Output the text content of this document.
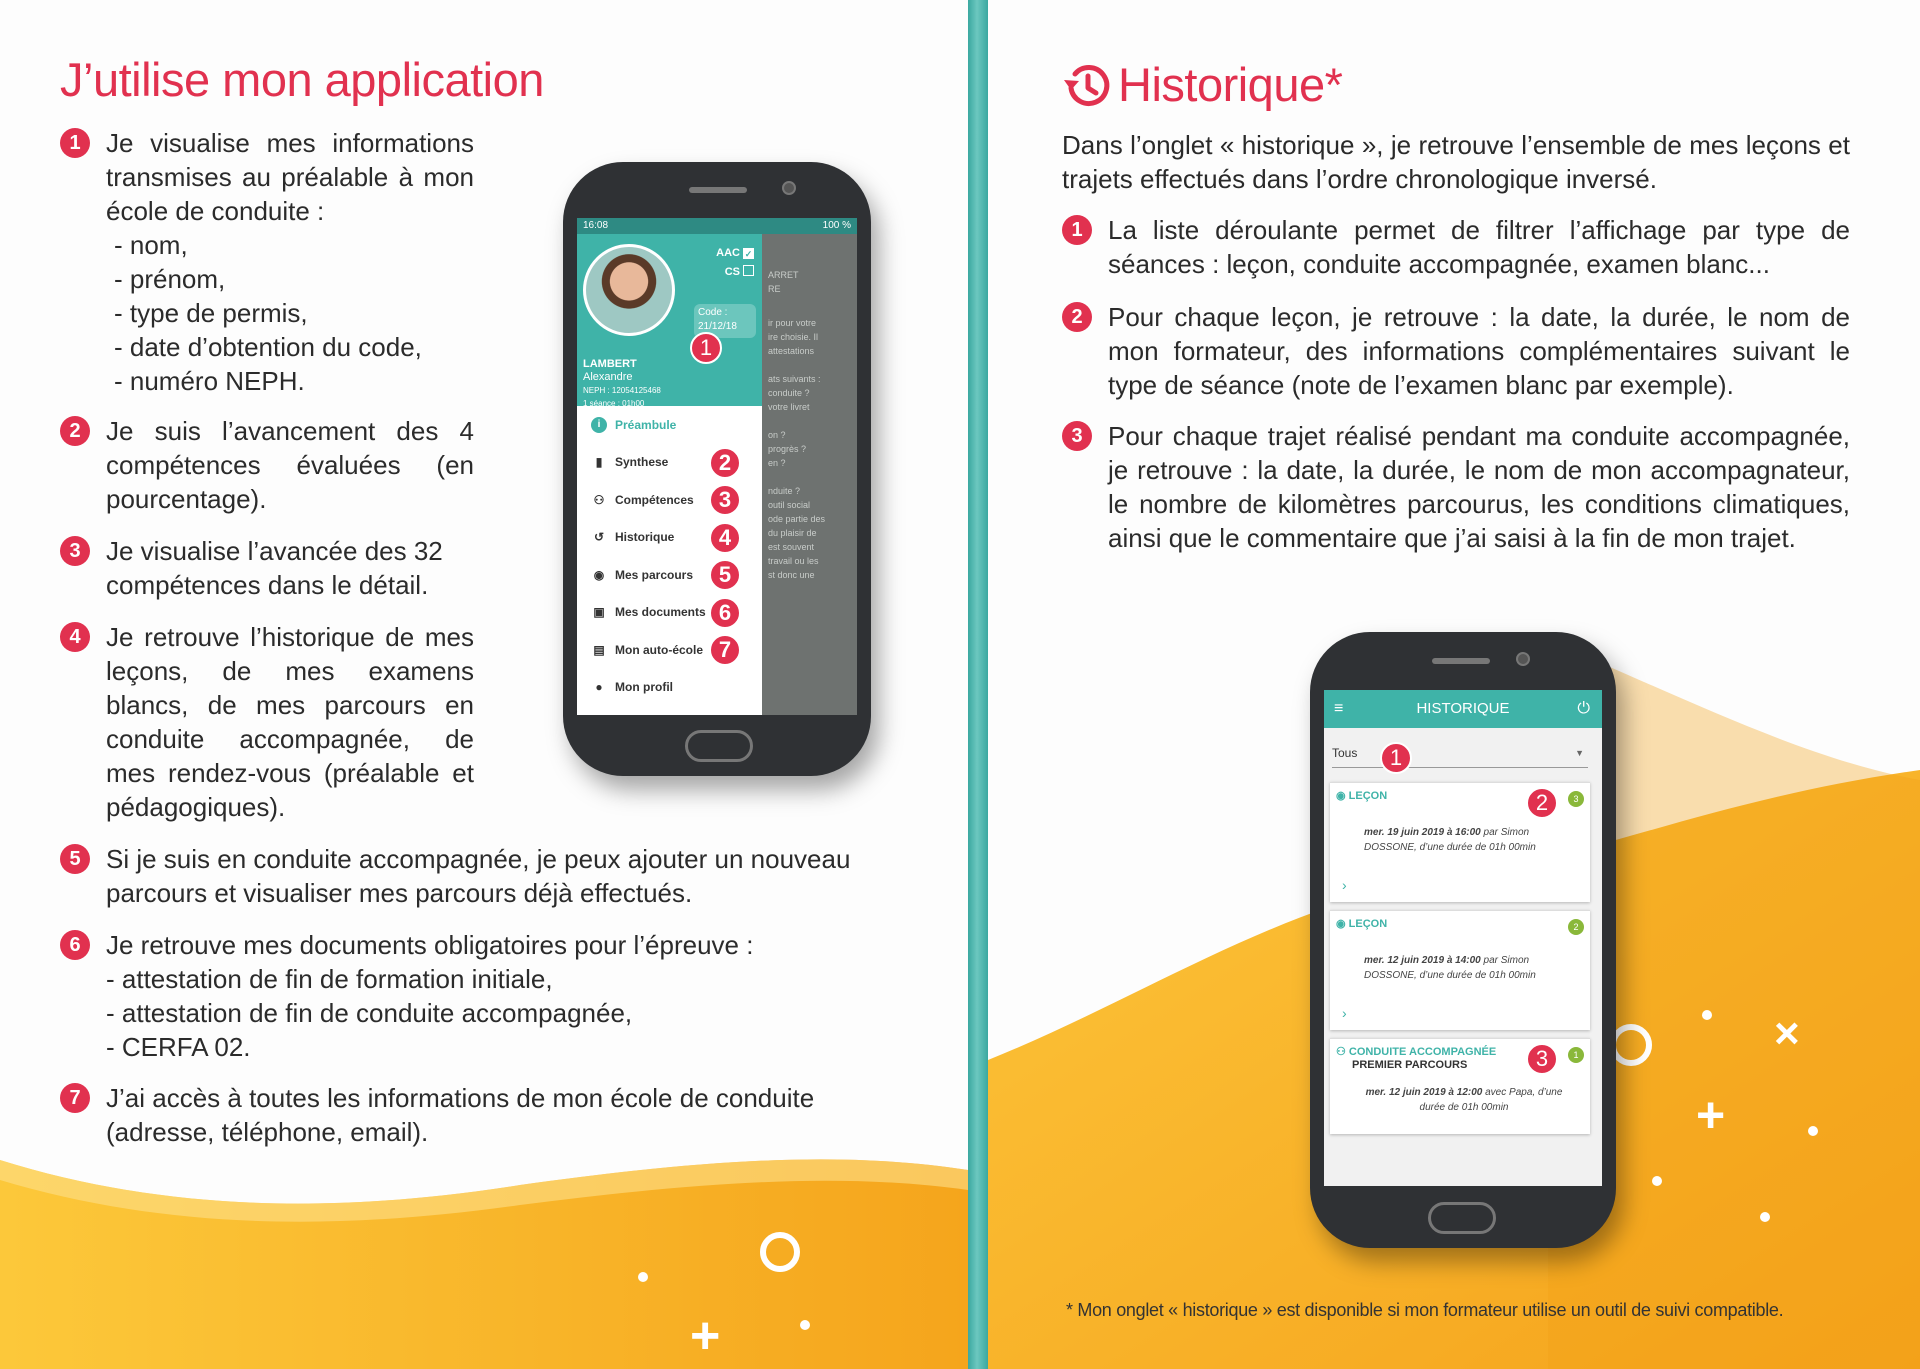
+
J’utilise mon application
1 Je visualise mes informations transmises au préalable à mon école de conduite :
- nom,
- prénom,
- type de permis,
- date d’obtention du code,
- numéro NEPH.
2 Je suis l’avancement des 4 compétences évaluées (en pourcentage).
3 Je visualise l’avancée des 32 compétences dans le détail.
4 Je retrouve l’historique de mes leçons, de mes examens blancs, de mes parcours en conduite accompagnée, de mes rendez-vous (préalable et pédagogiques).
5 Si je suis en conduite accompagnée, je peux ajouter un nouveau parcours et visualiser mes parcours déjà effectués.
6 Je retrouve mes documents obligatoires pour l’épreuve :
- attestation de fin de formation initiale,
- attestation de fin de conduite accompagnée,
- CERFA 02.
7 J’ai accès à toutes les informations de mon école de conduite (adresse, téléphone, email).
16:08	100 %
ARRET
RE
ir pour votre
ire choisie. Il
attestations
ats suivants :
conduite ?
votre livret
on ?
progrès ?
en ?
nduite ?
outil social
ode partie des
du plaisir de
est souvent
travail ou les
st donc une
AAC ✓
CS
Code :
21/12/18
LAMBERT
Alexandre
NEPH : 12054125468
1 séance : 01h00
1
i	Préambule
▮	Synthese	2
⚇ Compétences	3
↺ Historique	4
◉ Mes parcours	5
▣ Mes documents 6
▤ Mon auto-école 7
●	Mon profil
×
+
Historique*

Dans l’onglet « historique », je retrouve l’ensemble de mes leçons et trajets effectués dans l’ordre chronologique inversé.

1 La liste déroulante permet de filtrer l’affichage par type de séances : leçon, conduite accompagnée, examen blanc...
2 Pour chaque leçon, je retrouve : la date, la durée, le nom de mon formateur, des informations complémentaires suivant le type de séance (note de l’examen blanc par exemple).
3 Pour chaque trajet réalisé pendant ma conduite accompagnée, je retrouve : la date, la durée, le nom de mon accompagnateur, le nombre de kilomètres parcourus, les conditions climatiques, ainsi que le commentaire que j’ai saisi à la fin de mon trajet.
≡	HISTORIQUE	⏻
Tous	▼
1
◉ LEÇON	3
2
mer. 19 juin 2019 à 16:00 par Simon
DOSSONE, d’une durée de 01h 00min
›
◉ LEÇON	2
mer. 12 juin 2019 à 14:00 par Simon
DOSSONE, d’une durée de 01h 00min
›
⚇ CONDUITE ACCOMPAGNÉE
PREMIER PARCOURS
1
3
mer. 12 juin 2019 à 12:00 avec Papa, d’une
durée de 01h 00min
* Mon onglet « historique » est disponible si mon formateur utilise un outil de suivi compatible.
